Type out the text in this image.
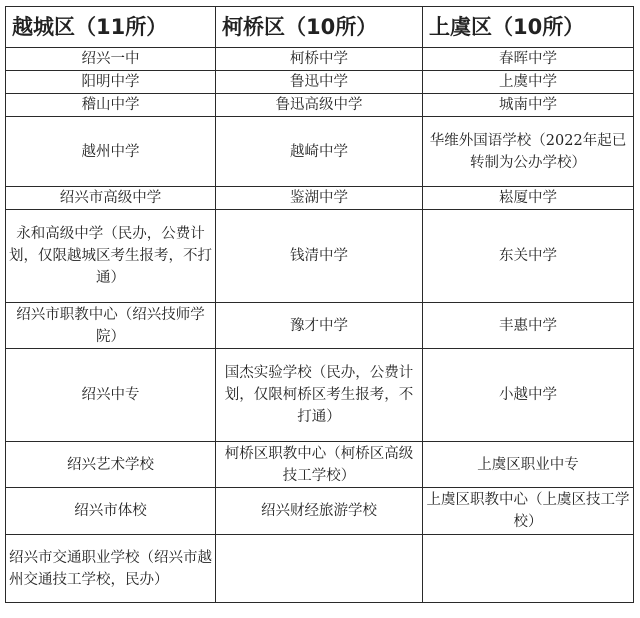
越城区（11所）	柯桥区（10所）	上虞区（10所）
绍兴一中	柯桥中学	春晖中学
阳明中学	鲁迅中学	上虞中学
稽山中学	鲁迅高级中学	城南中学
越州中学	越崎中学	华维外国语学校（2022年起已转制为公办学校）
绍兴市高级中学	鉴湖中学	崧厦中学
永和高级中学（民办，公费计划，仅限越城区考生报考，不打通）	钱清中学	东关中学
绍兴市职教中心（绍兴技师学院）	豫才中学	丰惠中学
绍兴中专	国杰实验学校（民办，公费计划，仅限柯桥区考生报考，不打通）	小越中学
绍兴艺术学校	柯桥区职教中心（柯桥区高级技工学校）	上虞区职业中专
绍兴市体校	绍兴财经旅游学校	上虞区职教中心（上虞区技工学校）
绍兴市交通职业学校（绍兴市越州交通技工学校，民办）		
